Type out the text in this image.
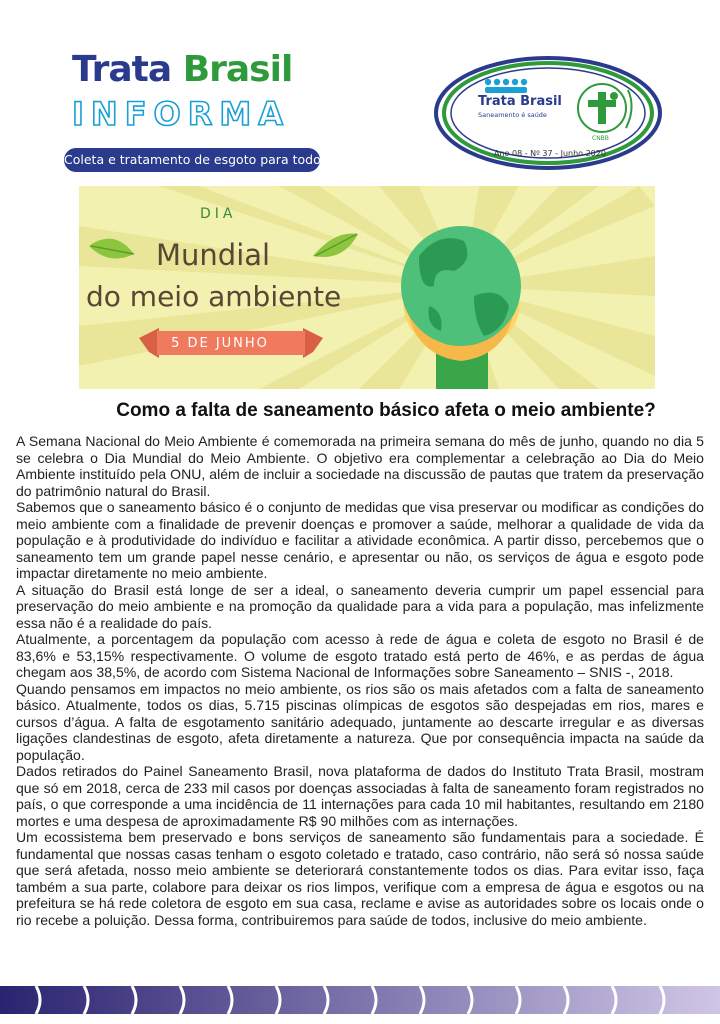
Trata Brasil
INFORMA
Coleta e tratamento de esgoto para todos!
CNBB
Trata Brasil
Saneamento é saúde
Ano 08 - Nº 37 - Junho 2020
DIA
Mundial
do meio ambiente
5 DE JUNHO
Como a falta de saneamento básico afeta o meio ambiente?

A Semana Nacional do Meio Ambiente é comemorada na primeira semana do mês de junho, quando no dia 5 se celebra o Dia Mundial do Meio Ambiente. O objetivo era complementar a celebração ao Dia do Meio Ambiente instituído pela ONU, além de incluir a sociedade na discussão de pautas que tratem da preservação do patrimônio natural do Brasil.

Sabemos que o saneamento básico é o conjunto de medidas que visa preservar ou modificar as condições do meio ambiente com a finalidade de prevenir doenças e promover a saúde, melhorar a qualidade de vida da população e à produtividade do indivíduo e facilitar a atividade econômica. A partir disso, percebemos que o saneamento tem um grande papel nesse cenário, e apresentar ou não, os serviços de água e esgoto pode impactar diretamente no meio ambiente.

A situação do Brasil está longe de ser a ideal, o saneamento deveria cumprir um papel essencial para preservação do meio ambiente e na promoção da qualidade para a vida para a população, mas infelizmente essa não é a realidade do país.

Atualmente, a porcentagem da população com acesso à rede de água e coleta de esgoto no Brasil é de 83,6% e 53,15% respectivamente. O volume de esgoto tratado está perto de 46%, e as perdas de água chegam aos 38,5%, de acordo com Sistema Nacional de Informações sobre Saneamento – SNIS -, 2018.

Quando pensamos em impactos no meio ambiente, os rios são os mais afetados com a falta de saneamento básico. Atualmente, todos os dias, 5.715 piscinas olímpicas de esgotos são despejadas em rios, mares e cursos d’água. A falta de esgotamento sanitário adequado, juntamente ao descarte irregular e as diversas ligações clandestinas de esgoto, afeta diretamente a natureza. Que por consequência impacta na saúde da população.

Dados retirados do Painel Saneamento Brasil, nova plataforma de dados do Instituto Trata Brasil, mostram que só em 2018, cerca de 233 mil casos por doenças associadas à falta de saneamento foram registrados no país, o que corresponde a uma incidência de 11 internações para cada 10 mil habitantes, resultando em 2180 mortes e uma despesa de aproximadamente R$ 90 milhões com as internações.

Um ecossistema bem preservado e bons serviços de saneamento são fundamentais para a sociedade. É fundamental que nossas casas tenham o esgoto coletado e tratado, caso contrário, não será só nossa saúde que será afetada, nosso meio ambiente se deteriorará constantemente todos os dias. Para evitar isso, faça também a sua parte, colabore para deixar os rios limpos, verifique com a empresa de água e esgotos ou na prefeitura se há rede coletora de esgoto em sua casa, reclame e avise as autoridades sobre os locais onde o rio recebe a poluição. Dessa forma, contribuiremos para saúde de todos, inclusive do meio ambiente.
